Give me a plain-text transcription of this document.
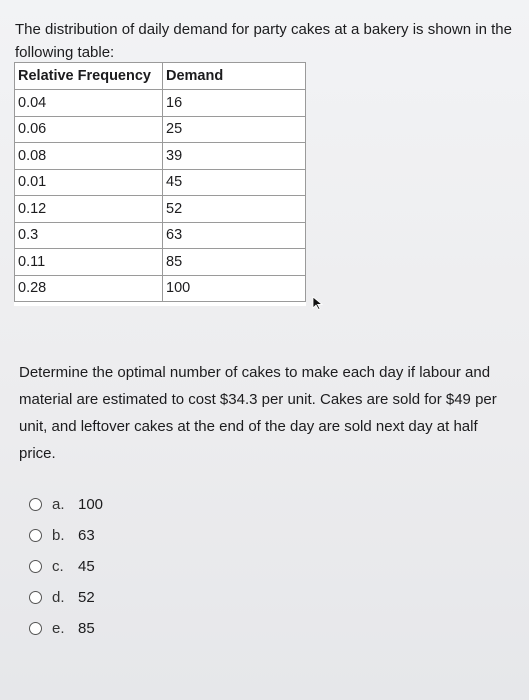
The distribution of daily demand for party cakes at a bakery is shown in the following table:

Relative Frequency	Demand
0.04	16
0.06	25
0.08	39
0.01	45
0.12	52
0.3	63
0.11	85
0.28	100

Determine the optimal number of cakes to make each day if labour and material are estimated to cost $34.3 per unit. Cakes are sold for $49 per unit, and leftover cakes at the end of the day are sold next day at half price.

a. 100
b. 63
c. 45
d. 52
e. 85
